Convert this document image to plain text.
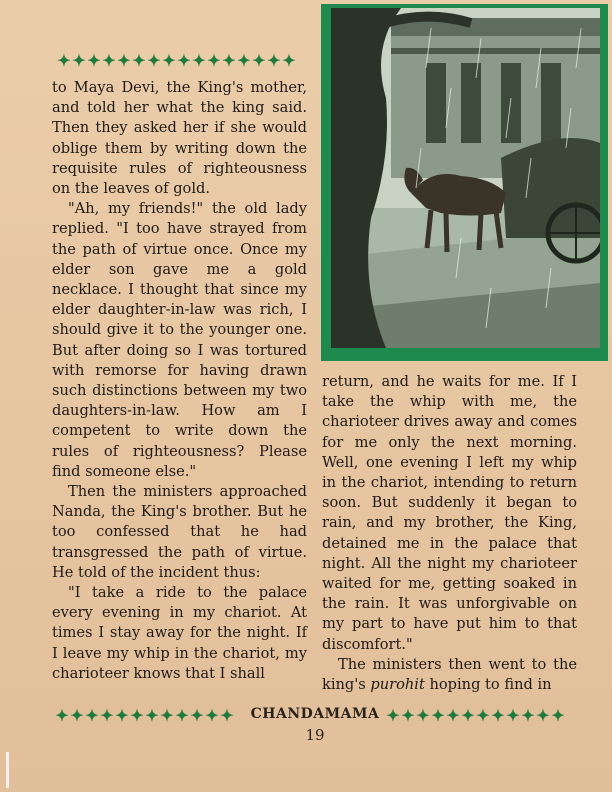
✦ ✦ ✦ ✦ ✦ ✦ ✦ ✦ ✦ ✦ ✦ ✦ ✦ ✦ ✦ ✦

to Maya Devi, the King's mother, and told her what the king said. Then they asked her if she would oblige them by writing down the requisite rules of righteousness on the leaves of gold.

"Ah, my friends!" the old lady replied. "I too have strayed from the path of virtue once. Once my elder son gave me a gold necklace. I thought that since my elder daughter-in-law was rich, I should give it to the younger one. But after doing so I was tortured with remorse for having drawn such distinctions between my two daughters-in-law. How am I competent to write down the rules of righteousness? Please find someone else."

Then the ministers approached Nanda, the King's brother. But he too confessed that he had transgressed the path of virtue. He told of the incident thus:

"I take a ride to the palace every evening in my chariot. At times I stay away for the night. If I leave my whip in the chariot, my charioteer knows that I shall

return, and he waits for me. If I take the whip with me, the charioteer drives away and comes for me only the next morning. Well, one evening I left my whip in the chariot, intending to return soon. But suddenly it began to rain, and my brother, the King, detained me in the palace that night. All the night my charioteer waited for me, getting soaked in the rain. It was unforgivable on my part to have put him to that discomfort."

The ministers then went to the king's purohit hoping to find in

✦ ✦ ✦ ✦ ✦ ✦ ✦ ✦ ✦ ✦ ✦ ✦ CHANDAMAMA ✦ ✦ ✦ ✦ ✦ ✦ ✦ ✦ ✦ ✦ ✦ ✦
19
